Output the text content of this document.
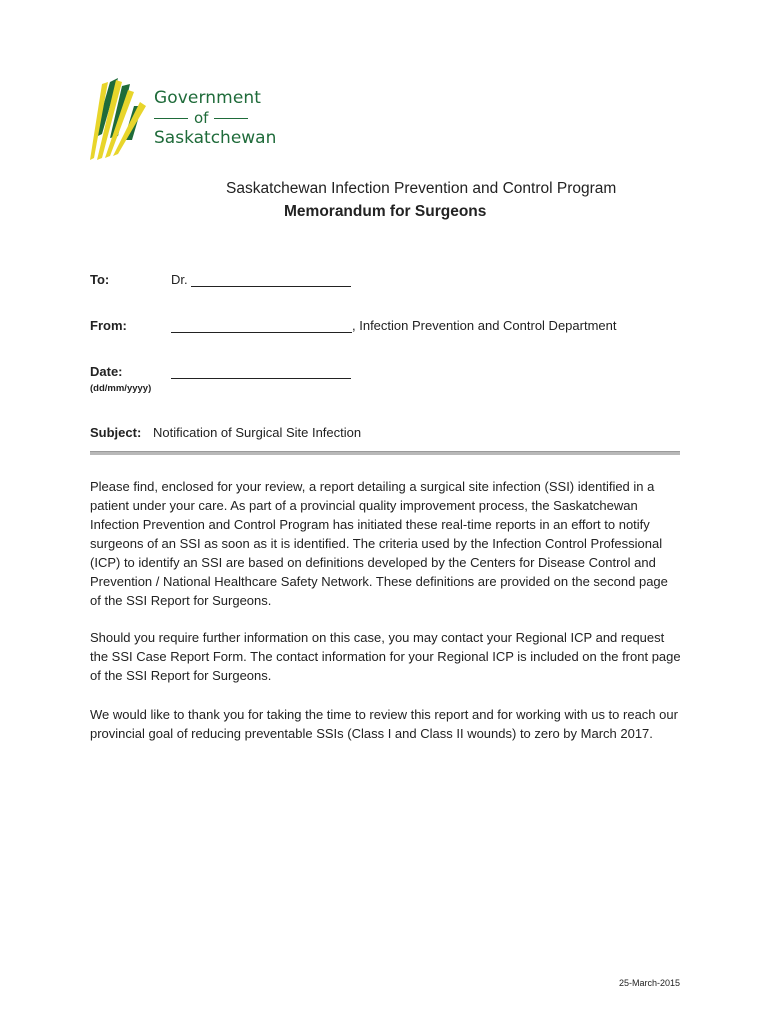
Government
of
Saskatchewan
Saskatchewan Infection Prevention and Control Program
Memorandum for Surgeons
To:	Dr.
From:	, Infection Prevention and Control Department
Date:
(dd/mm/yyyy)
Subject: Notification of Surgical Site Infection

Please find, enclosed for your review, a report detailing a surgical site infection (SSI) identified in a patient under your care. As part of a provincial quality improvement process, the Saskatchewan Infection Prevention and Control Program has initiated these real-time reports in an effort to notify surgeons of an SSI as soon as it is identified. The criteria used by the Infection Control Professional (ICP) to identify an SSI are based on definitions developed by the Centers for Disease Control and Prevention / National Healthcare Safety Network. These definitions are provided on the second page of the SSI Report for Surgeons.

Should you require further information on this case, you may contact your Regional ICP and request the SSI Case Report Form. The contact information for your Regional ICP is included on the front page of the SSI Report for Surgeons.

We would like to thank you for taking the time to review this report and for working with us to reach our provincial goal of reducing preventable SSIs (Class I and Class II wounds) to zero by March 2017.

25-March-2015
